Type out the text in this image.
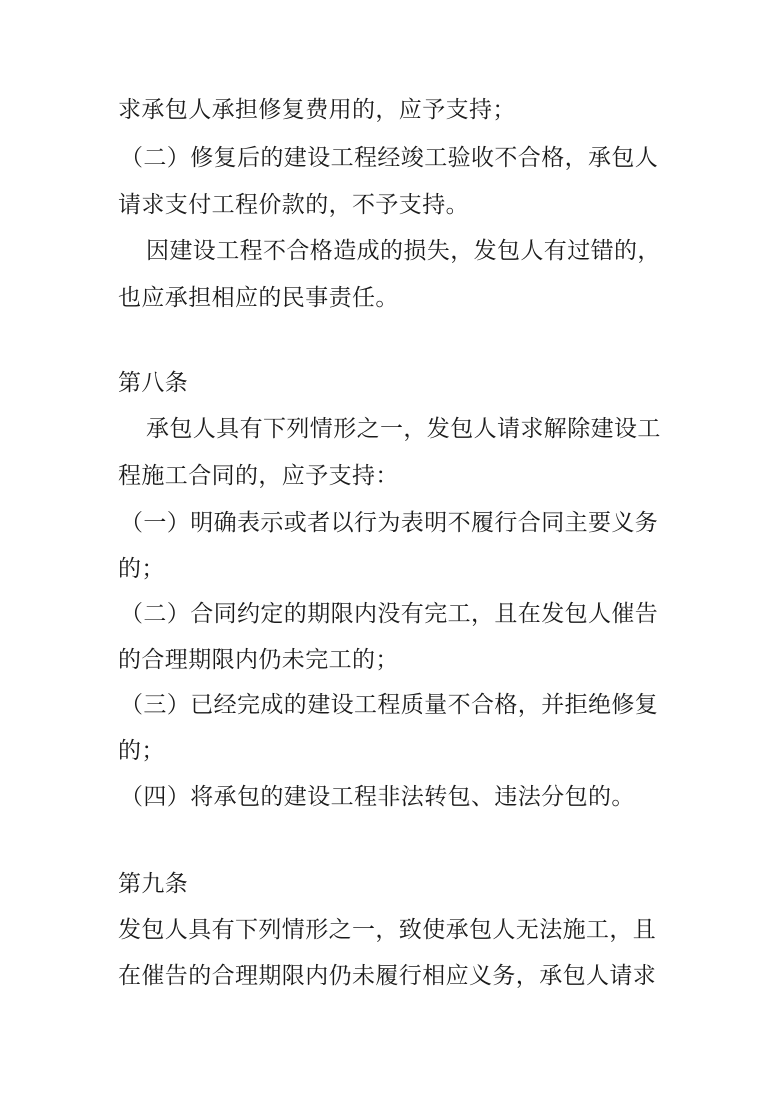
求承包人承担修复费用的，应予支持；
（二）修复后的建设工程经竣工验收不合格，承包人
请求支付工程价款的，不予支持。
因建设工程不合格造成的损失，发包人有过错的，
也应承担相应的民事责任。
第八条
承包人具有下列情形之一，发包人请求解除建设工
程施工合同的，应予支持：
（一）明确表示或者以行为表明不履行合同主要义务
的；
（二）合同约定的期限内没有完工，且在发包人催告
的合理期限内仍未完工的；
（三）已经完成的建设工程质量不合格，并拒绝修复
的；
（四）将承包的建设工程非法转包、违法分包的。
第九条
发包人具有下列情形之一，致使承包人无法施工，且
在催告的合理期限内仍未履行相应义务，承包人请求
